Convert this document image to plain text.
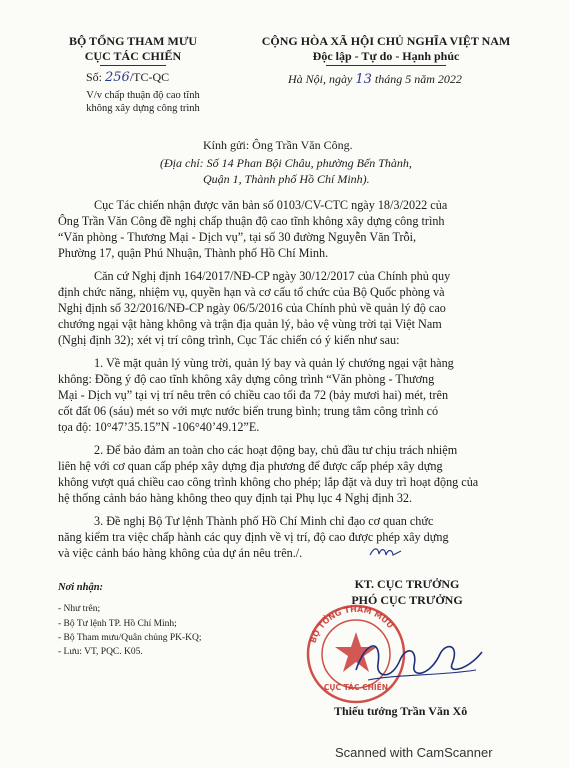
BỘ TỔNG THAM MƯU
CỤC TÁC CHIẾN
Số: 256/TC-QC
V/v chấp thuận độ cao tĩnh
không xây dựng công trình
CỘNG HÒA XÃ HỘI CHỦ NGHĨA VIỆT NAM
Độc lập - Tự do - Hạnh phúc
Hà Nội, ngày 13 tháng 5 năm 2022
Kính gửi: Ông Trần Văn Công.
(Địa chỉ: Số 14 Phan Bội Châu, phường Bến Thành,
Quận 1, Thành phố Hồ Chí Minh).
Cục Tác chiến nhận được văn bản số 0103/CV-CTC ngày 18/3/2022 của
Ông Trần Văn Công đề nghị chấp thuận độ cao tĩnh không xây dựng công trình
“Văn phòng - Thương Mại - Dịch vụ”, tại số 30 đường Nguyễn Văn Trỗi,
Phường 17, quận Phú Nhuận, Thành phố Hồ Chí Minh.
Căn cứ Nghị định 164/2017/NĐ-CP ngày 30/12/2017 của Chính phủ quy
định chức năng, nhiệm vụ, quyền hạn và cơ cấu tổ chức của Bộ Quốc phòng và
Nghị định số 32/2016/NĐ-CP ngày 06/5/2016 của Chính phủ về quản lý độ cao
chướng ngại vật hàng không và trận địa quản lý, bảo vệ vùng trời tại Việt Nam
(Nghị định 32); xét vị trí công trình, Cục Tác chiến có ý kiến như sau:
1. Về mặt quản lý vùng trời, quản lý bay và quản lý chướng ngại vật hàng
không: Đồng ý độ cao tĩnh không xây dựng công trình “Văn phòng - Thương
Mại - Dịch vụ” tại vị trí nêu trên có chiều cao tối đa 72 (bảy mươi hai) mét, trên
cốt đất 06 (sáu) mét so với mực nước biển trung bình; trung tâm công trình có
tọa độ: 10°47’35.15”N -106°40’49.12”E.
2. Để bảo đảm an toàn cho các hoạt động bay, chủ đầu tư chịu trách nhiệm
liên hệ với cơ quan cấp phép xây dựng địa phương để được cấp phép xây dựng
không vượt quá chiều cao công trình không cho phép; lắp đặt và duy trì hoạt động của
hệ thống cảnh báo hàng không theo quy định tại Phụ lục 4 Nghị định 32.
3. Đề nghị Bộ Tư lệnh Thành phố Hồ Chí Minh chỉ đạo cơ quan chức
năng kiểm tra việc chấp hành các quy định về vị trí, độ cao được phép xây dựng
và việc cảnh báo hàng không của dự án nêu trên./.
Nơi nhận:
- Như trên;
- Bộ Tư lệnh TP. Hồ Chí Minh;
- Bộ Tham mưu/Quân chủng PK-KQ;
- Lưu: VT, PQC. K05.
KT. CỤC TRƯỞNG
PHÓ CỤC TRƯỞNG
BỘ TỔNG THAM MƯU
CỤC TÁC CHIẾN
Thiếu tướng Trần Văn Xô
Scanned with CamScanner
